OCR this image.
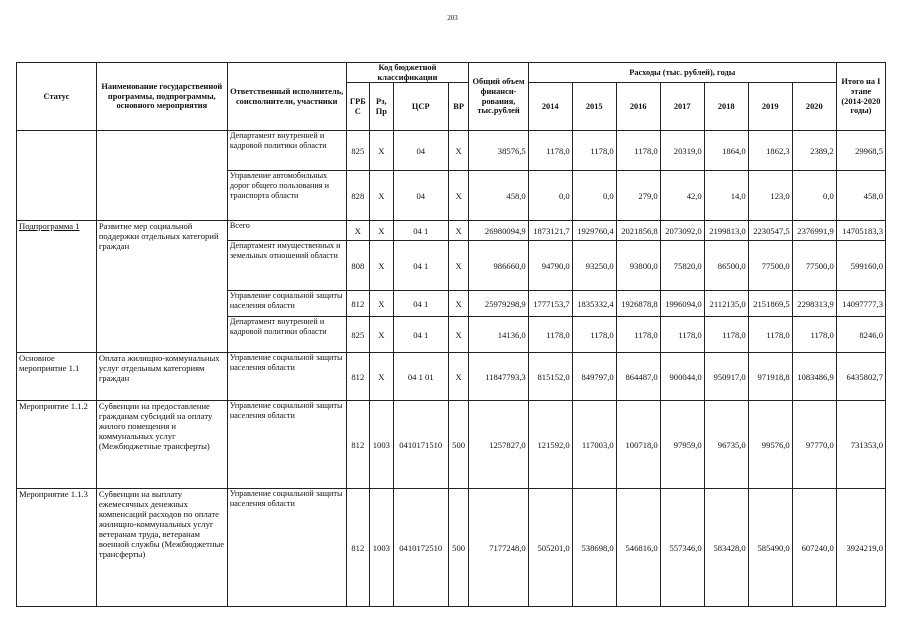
203
Статус	Наименование государственной программы, подпрограммы, основного мероприятия	Ответственный исполнитель, соисполнители, участники	Код бюджетной классификации				Общий объем финанси-рования, тыс.рублей	Расходы (тыс. рублей), годы							Итого на I этапе (2014-2020 годы)
			ГРБ С	Рз, Пр	ЦСР	ВР		2014	2015	2016	2017	2018	2019	2020	
		Департамент внутренней и кадровой политики области	825	Х	04	Х	38576,5	1178,0	1178,0	1178,0	20319,0	1864,0	1862,3	2389,2	29968,5
		Управление автомобильных дорог общего пользования и транспорта области	828	Х	04	Х	458,0	0,0	0,0	279,0	42,0	14,0	123,0	0,0	458,0
Подпрограмма 1	Развитие мер социальной поддержки отдельных категорий граждан	Всего	Х	Х	04 1	Х	26980094,9	1873121,7	1929760,4	2021856,8	2073092,0	2199813,0	2230547,5	2376991,9	14705183,3
		Департамент имущественных и земельных отношений области	808	Х	04 1	Х	986660,0	94790,0	93250,0	93800,0	75820,0	86500,0	77500,0	77500,0	599160,0
		Управление социальной защиты населения области	812	Х	04 1	Х	25979298,9	1777153,7	1835332,4	1926878,8	1996094,0	2112135,0	2151869,5	2298313,9	14097777,3
		Департамент внутренней и кадровой политики области	825	Х	04 1	Х	14136,0	1178,0	1178,0	1178,0	1178,0	1178,0	1178,0	1178,0	8246,0
Основное мероприятие 1.1	Оплата жилищно-коммунальных услуг отдельным категориям граждан	Управление социальной защиты населения области	812	Х	04 1 01	Х	11847793,3	815152,0	849797,0	864487,0	900044,0	950917,0	971918,8	1083486,9	6435802,7
Мероприятие 1.1.2	Субвенции на предоставление гражданам субсидий на оплату жилого помещения и коммунальных услуг (Межбюджетные трансферты)	Управление социальной защиты населения области	812	1003	0410171510	500	1257827,0	121592,0	117003,0	100718,0	97959,0	96735,0	99576,0	97770,0	731353,0
Мероприятие 1.1.3	Субвенции на выплату ежемесячных денежных компенсаций расходов по оплате жилищно-коммунальных услуг ветеранам труда, ветеранам военной службы (Межбюджетные трансферты)	Управление социальной защиты населения области	812	1003	0410172510	500	7177248,0	505201,0	538698,0	546816,0	557346,0	583428,0	585490,0	607240,0	3924219,0
